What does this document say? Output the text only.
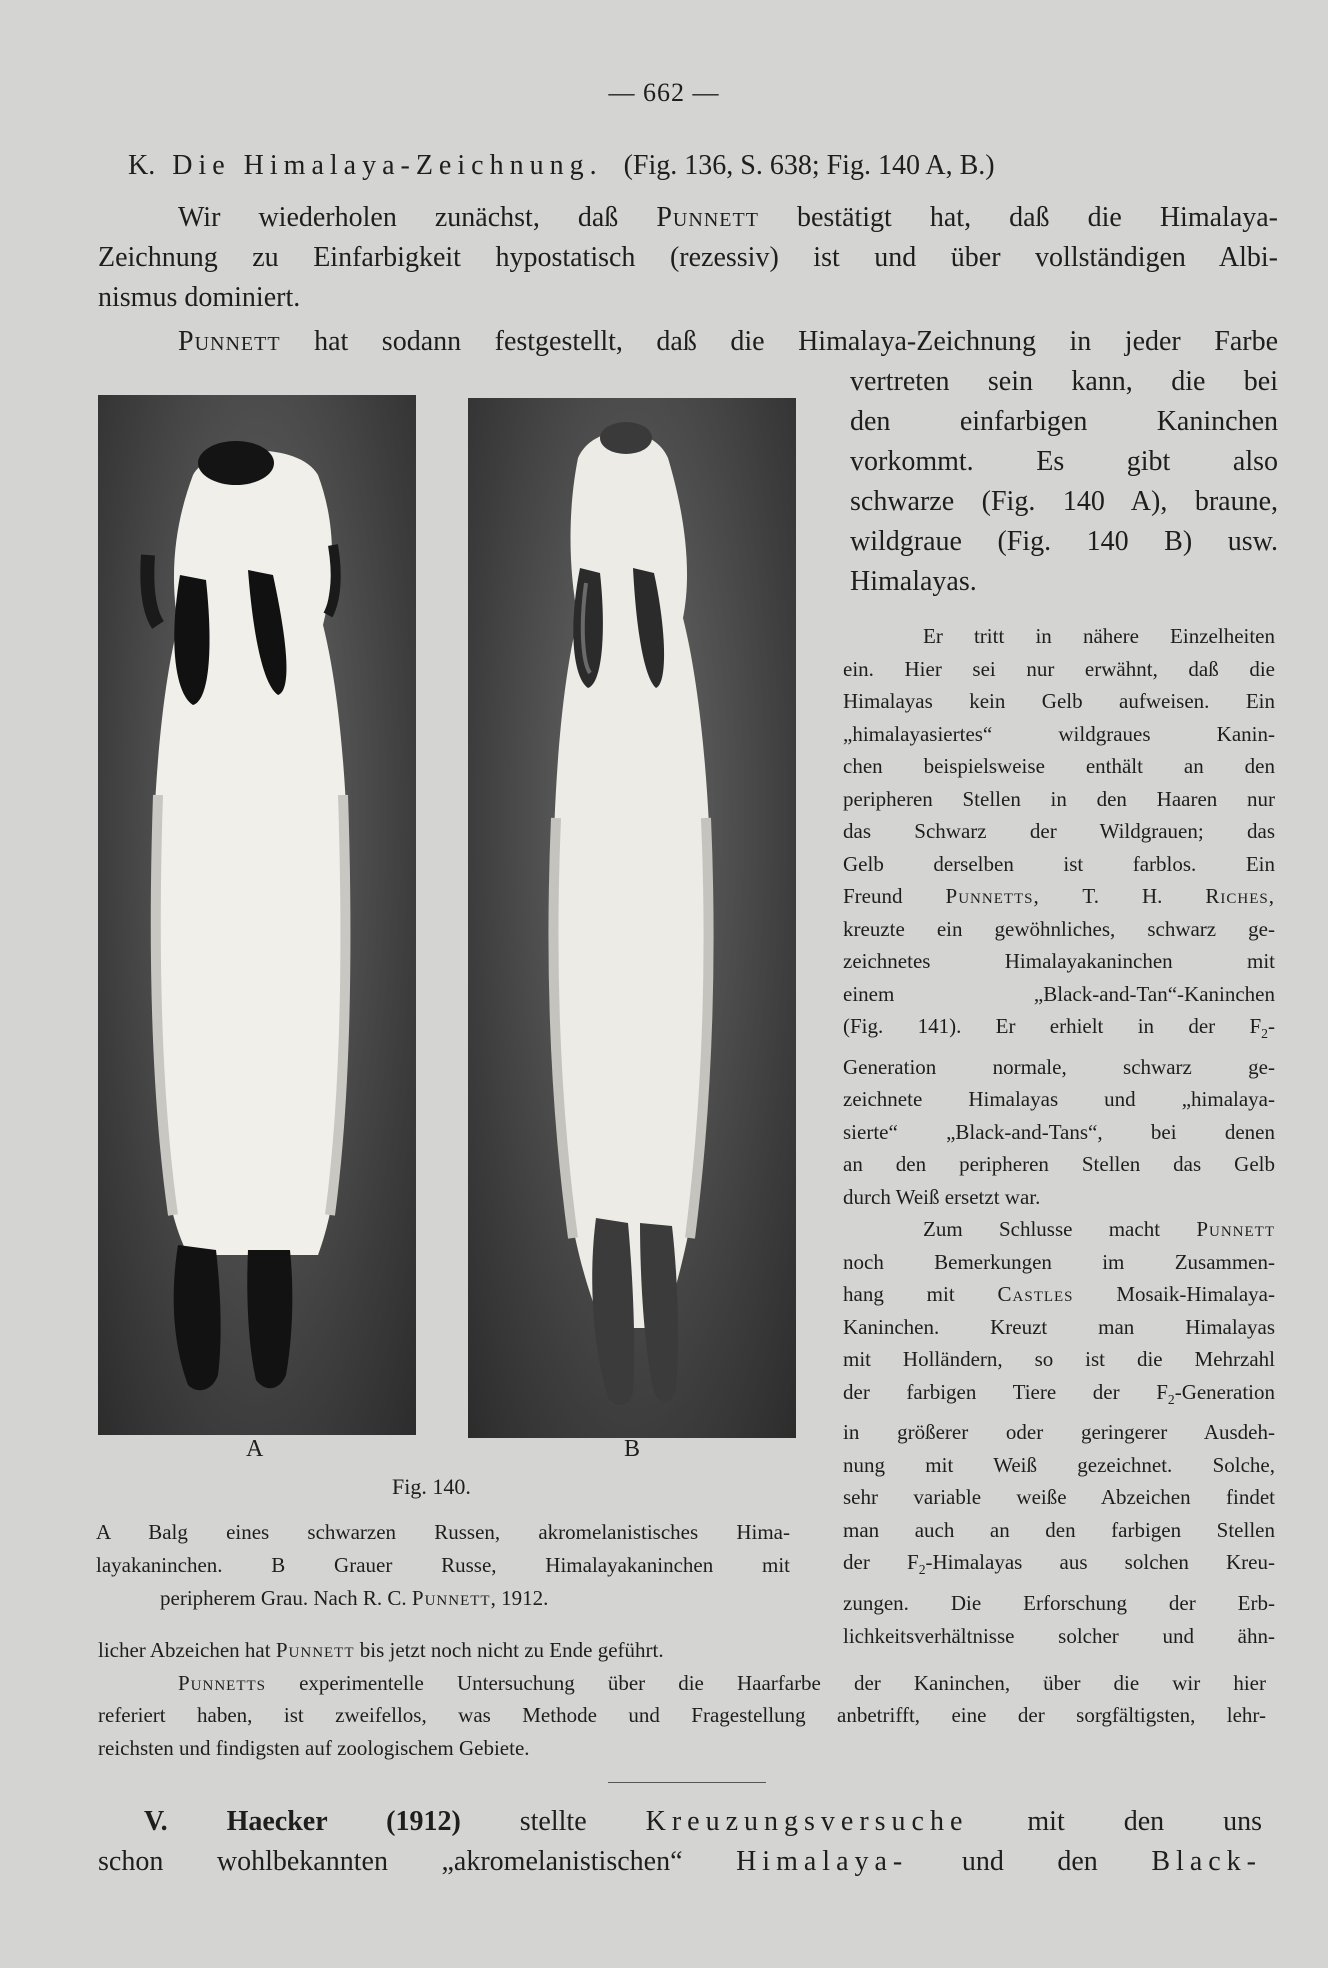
— 662 —
K. Die Himalaya-Zeichnung. (Fig. 136, S. 638; Fig. 140 A, B.)

Wir wiederholen zunächst, daß Punnett bestätigt hat, daß die Himalaya-

Zeichnung zu Einfarbigkeit hypostatisch (rezessiv) ist und über vollständigen Albi-

nismus dominiert.

Punnett hat sodann festgestellt, daß die Himalaya-Zeichnung in jeder Farbe

vertreten sein kann, die bei

den einfarbigen Kaninchen

vorkommt. Es gibt also

schwarze (Fig. 140 A), braune,

wildgraue (Fig. 140 B) usw.

Himalayas.

A	B
Fig. 140.

A Balg eines schwarzen Russen, akromelanistisches Hima-

layakaninchen. B Grauer Russe, Himalayakaninchen mit

peripherem Grau. Nach R. C. Punnett, 1912.

Er tritt in nähere Einzelheiten

ein. Hier sei nur erwähnt, daß die

Himalayas kein Gelb aufweisen. Ein

„himalayasiertes“ wildgraues Kanin-

chen beispielsweise enthält an den

peripheren Stellen in den Haaren nur

das Schwarz der Wildgrauen; das

Gelb derselben ist farblos. Ein

Freund Punnetts, T. H. Riches,

kreuzte ein gewöhnliches, schwarz ge-

zeichnetes Himalayakaninchen mit

einem „Black-and-Tan“-Kaninchen

(Fig. 141). Er erhielt in der $F_2-$

Generation normale, schwarz ge-

zeichnete Himalayas und „himalaya-

sierte“ „Black-and-Tans“, bei denen

an den peripheren Stellen das Gelb

durch Weiß ersetzt war.

Zum Schlusse macht Punnett

noch Bemerkungen im Zusammen-

hang mit Castles Mosaik-Himalaya-

Kaninchen. Kreuzt man Himalayas

mit Holländern, so ist die Mehrzahl

der farbigen Tiere der $F_2$-Generation

in größerer oder geringerer Ausdeh-

nung mit Weiß gezeichnet. Solche,

sehr variable weiße Abzeichen findet

man auch an den farbigen Stellen

der $F_2$-Himalayas aus solchen Kreu-

zungen. Die Erforschung der Erb-

lichkeitsverhältnisse solcher und ähn-

licher Abzeichen hat Punnett bis jetzt noch nicht zu Ende geführt.

Punnetts experimentelle Untersuchung über die Haarfarbe der Kaninchen, über die wir hier

referiert haben, ist zweifellos, was Methode und Fragestellung anbetrifft, eine der sorgfältigsten, lehr-

reichsten und findigsten auf zoologischem Gebiete.

V. Haecker (1912) stellte Kreuzungsversuche mit den uns

schon wohlbekannten „akromelanistischen“ Himalaya- und den Black-
